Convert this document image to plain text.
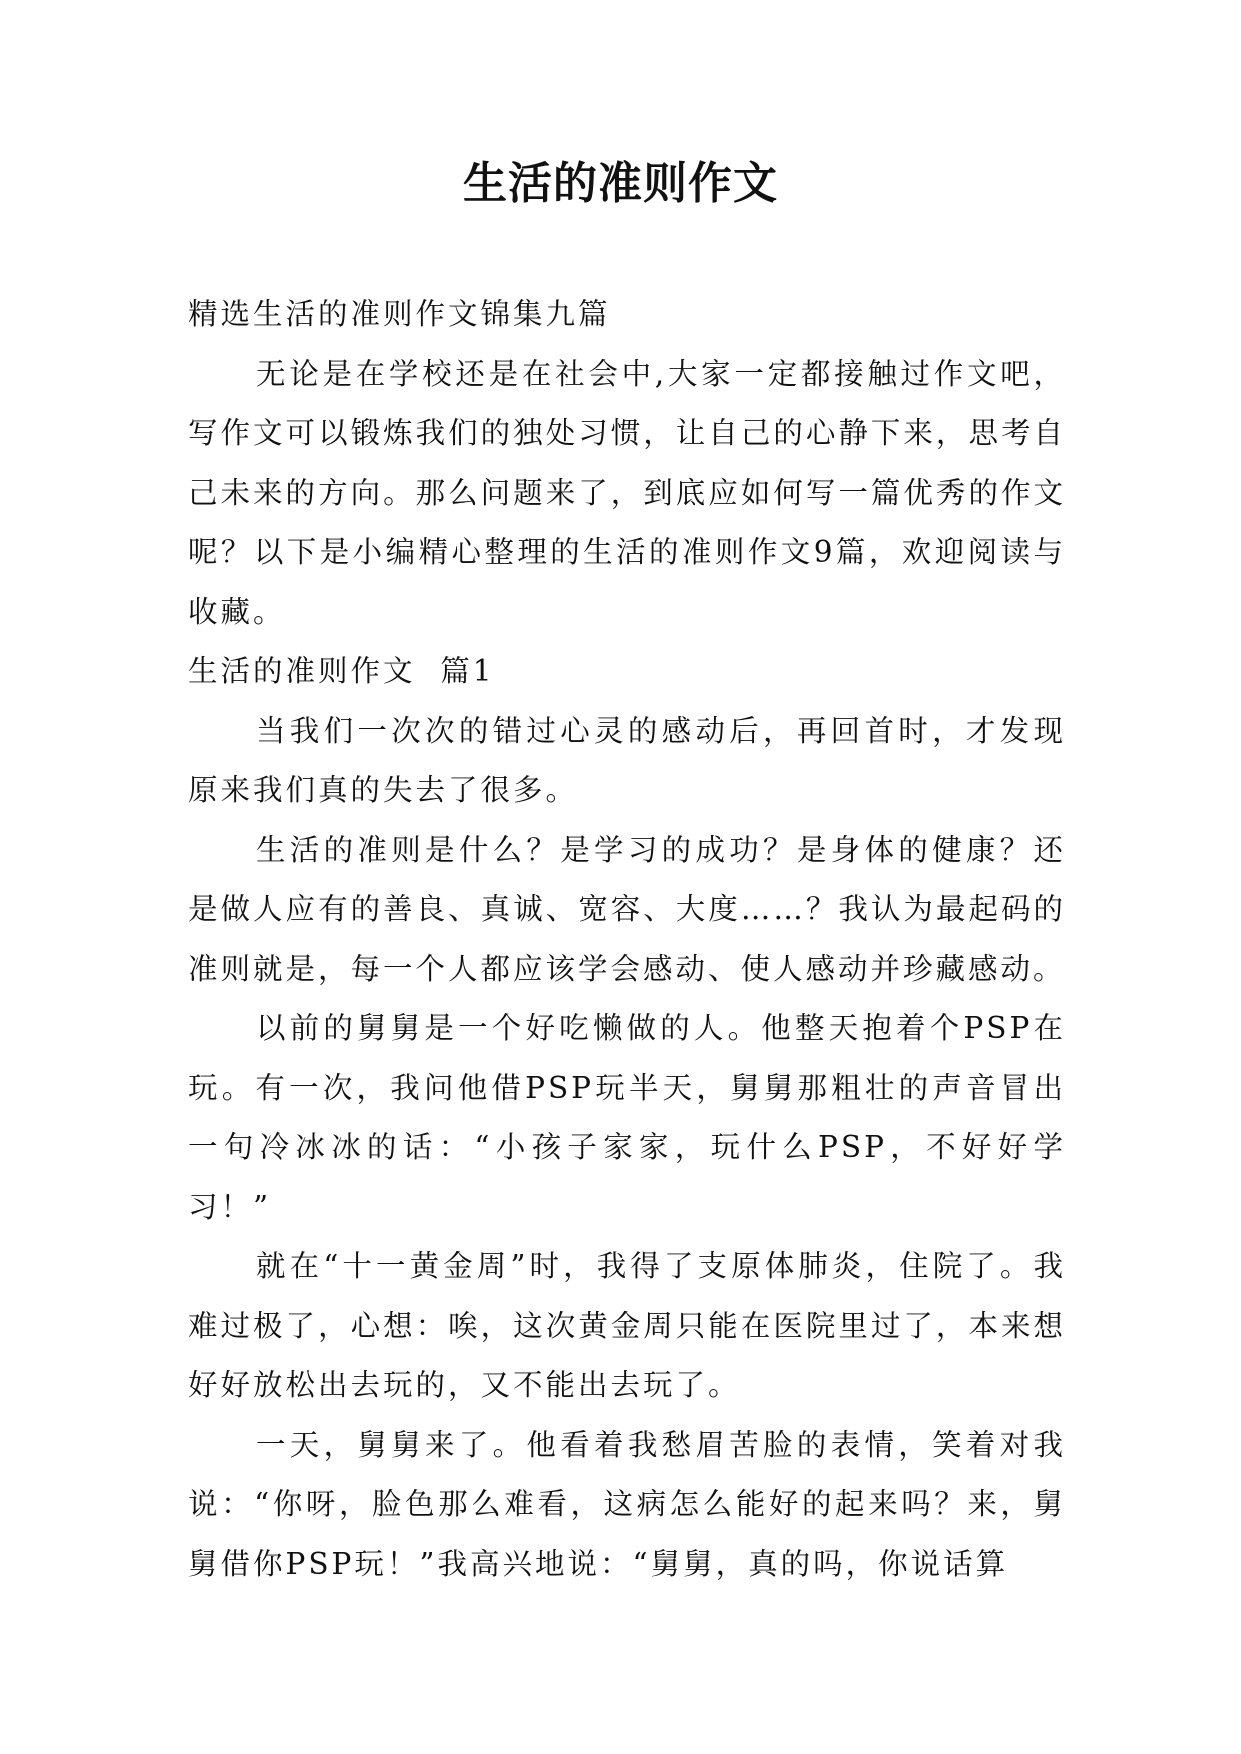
生活的准则作文

精选生活的准则作文锦集九篇

无论是在学校还是在社会中,大家一定都接触过作文吧，写作文可以锻炼我们的独处习惯，让自己的心静下来，思考自己未来的方向。那么问题来了，到底应如何写一篇优秀的作文呢？以下是小编精心整理的生活的准则作文9篇，欢迎阅读与收藏。

生活的准则作文  篇1

当我们一次次的错过心灵的感动后，再回首时，才发现原来我们真的失去了很多。

生活的准则是什么？是学习的成功？是身体的健康？还是做人应有的善良、真诚、宽容、大度……？我认为最起码的准则就是，每一个人都应该学会感动、使人感动并珍藏感动。

以前的舅舅是一个好吃懒做的人。他整天抱着个PSP在玩。有一次，我问他借PSP玩半天，舅舅那粗壮的声音冒出一句冷冰冰的话：“小孩子家家，玩什么PSP，不好好学习！”

就在“十一黄金周”时，我得了支原体肺炎，住院了。我难过极了，心想：唉，这次黄金周只能在医院里过了，本来想好好放松出去玩的，又不能出去玩了。

一天，舅舅来了。他看着我愁眉苦脸的表情，笑着对我说：“你呀，脸色那么难看，这病怎么能好的起来吗？来，舅舅借你PSP玩！”我高兴地说：“舅舅，真的吗，你说话算
